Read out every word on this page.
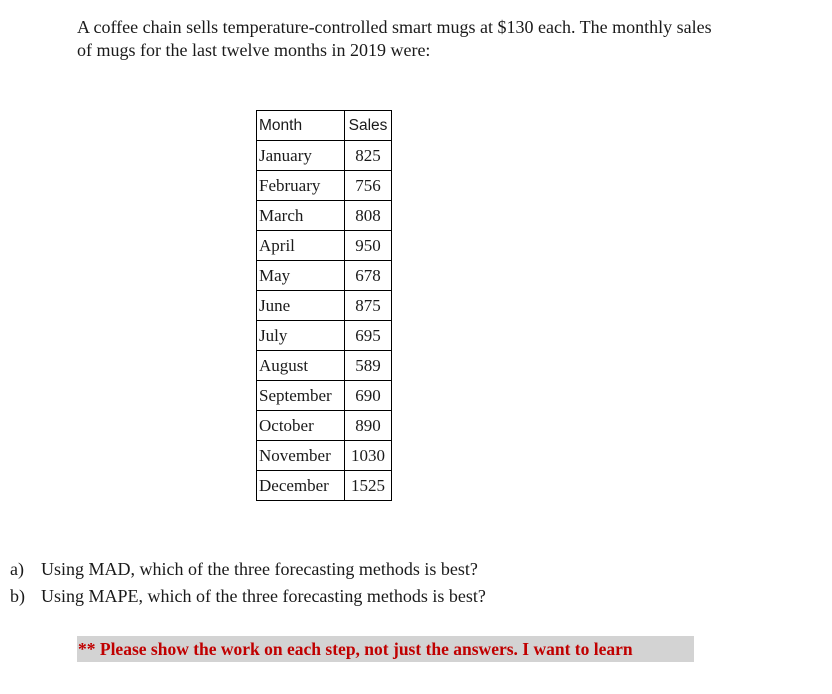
A coffee chain sells temperature-controlled smart mugs at $130 each. The monthly sales
of mugs for the last twelve months in 2019 were:

Month	Sales
January	825
February	756
March	808
April	950
May	678
June	875
July	695
August	589
September	690
October	890
November	1030
December	1525
a) Using MAD, which of the three forecasting methods is best?
b) Using MAPE, which of the three forecasting methods is best?
** Please show the work on each step, not just the answers. I want to learn
